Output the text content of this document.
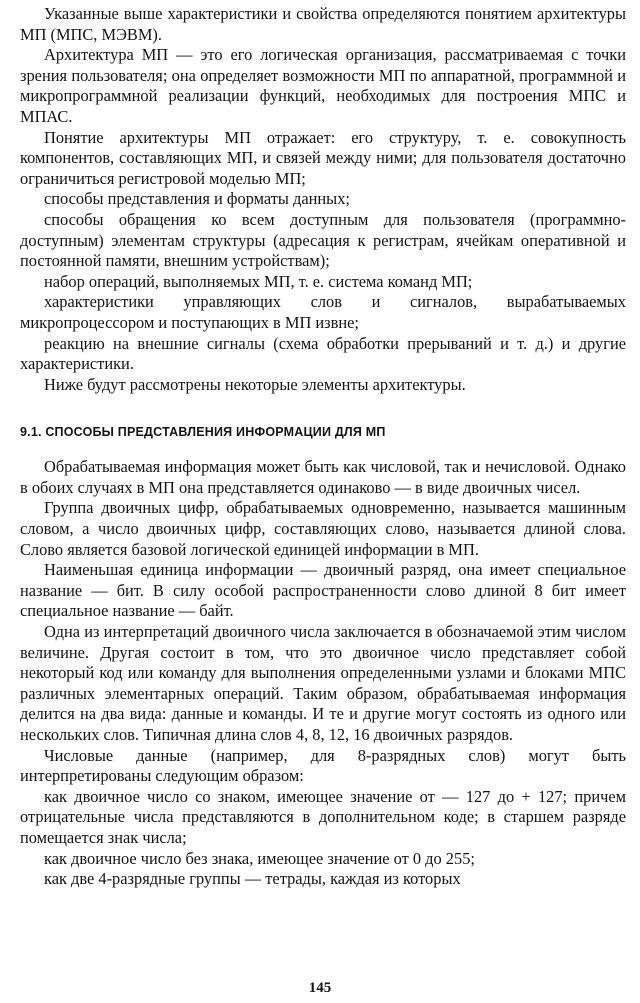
Указанные выше характеристики и свойства определяются понятием архитектуры МП (МПС, МЭВМ).

Архитектура МП — это его логическая организация, рассматриваемая с точки зрения пользователя; она определяет возможности МП по аппаратной, программной и микропрограммной реализации функций, необходимых для построения МПС и МПАС.

Понятие архитектуры МП отражает: его структуру, т. е. совокупность компонентов, составляющих МП, и связей между ними; для пользователя достаточно ограничиться регистровой моделью МП;

способы представления и форматы данных;

способы обращения ко всем доступным для пользователя (программно-доступным) элементам структуры (адресация к регистрам, ячейкам оперативной и постоянной памяти, внешним устройствам);

набор операций, выполняемых МП, т. е. система команд МП;

характеристики управляющих слов и сигналов, вырабатываемых микропроцессором и поступающих в МП извне;

реакцию на внешние сигналы (схема обработки прерываний и т. д.) и другие характеристики.

Ниже будут рассмотрены некоторые элементы архитектуры.

9.1. СПОСОБЫ ПРЕДСТАВЛЕНИЯ ИНФОРМАЦИИ ДЛЯ МП

Обрабатываемая информация может быть как числовой, так и нечисловой. Однако в обоих случаях в МП она представляется одинаково — в виде двоичных чисел.

Группа двоичных цифр, обрабатываемых одновременно, называется машинным словом, а число двоичных цифр, составляющих слово, называется длиной слова. Слово является базовой логической единицей информации в МП.

Наименьшая единица информации — двоичный разряд, она имеет специальное название — бит. В силу особой распространенности слово длиной 8 бит имеет специальное название — байт.

Одна из интерпретаций двоичного числа заключается в обозначаемой этим числом величине. Другая состоит в том, что это двоичное число представляет собой некоторый код или команду для выполнения определенными узлами и блоками МПС различных элементарных операций. Таким образом, обрабатываемая информация делится на два вида: данные и команды. И те и другие могут состоять из одного или нескольких слов. Типичная длина слов 4, 8, 12, 16 двоичных разрядов.

Числовые данные (например, для 8-разрядных слов) могут быть интерпретированы следующим образом:

как двоичное число со знаком, имеющее значение от — 127 до + 127; причем отрицательные числа представляются в дополнительном коде; в старшем разряде помещается знак числа;

как двоичное число без знака, имеющее значение от 0 до 255;

как две 4-разрядные группы — тетрады, каждая из которых

145
